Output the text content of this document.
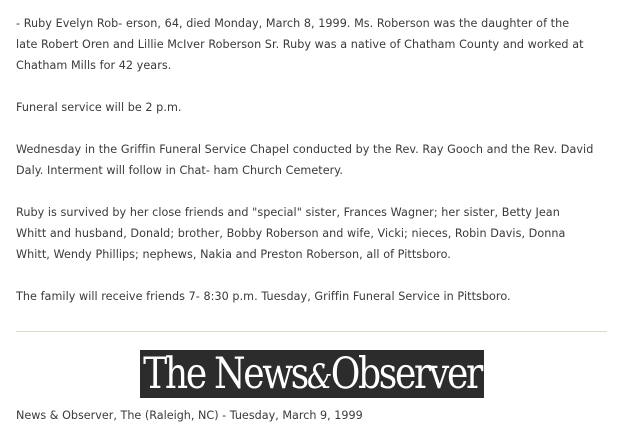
- Ruby Evelyn Rob- erson, 64, died Monday, March 8, 1999. Ms. Roberson was the daughter of the
late Robert Oren and Lillie McIver Roberson Sr. Ruby was a native of Chatham County and worked at
Chatham Mills for 42 years.

Funeral service will be 2 p.m.

Wednesday in the Griffin Funeral Service Chapel conducted by the Rev. Ray Gooch and the Rev. David
Daly. Interment will follow in Chat- ham Church Cemetery.

Ruby is survived by her close friends and "special" sister, Frances Wagner; her sister, Betty Jean
Whitt and husband, Donald; brother, Bobby Roberson and wife, Vicki; nieces, Robin Davis, Donna
Whitt, Wendy Phillips; nephews, Nakia and Preston Roberson, all of Pittsboro.

The family will receive friends 7- 8:30 p.m. Tuesday, Griffin Funeral Service in Pittsboro.

The News&Observer
News & Observer, The (Raleigh, NC) - Tuesday, March 9, 1999
